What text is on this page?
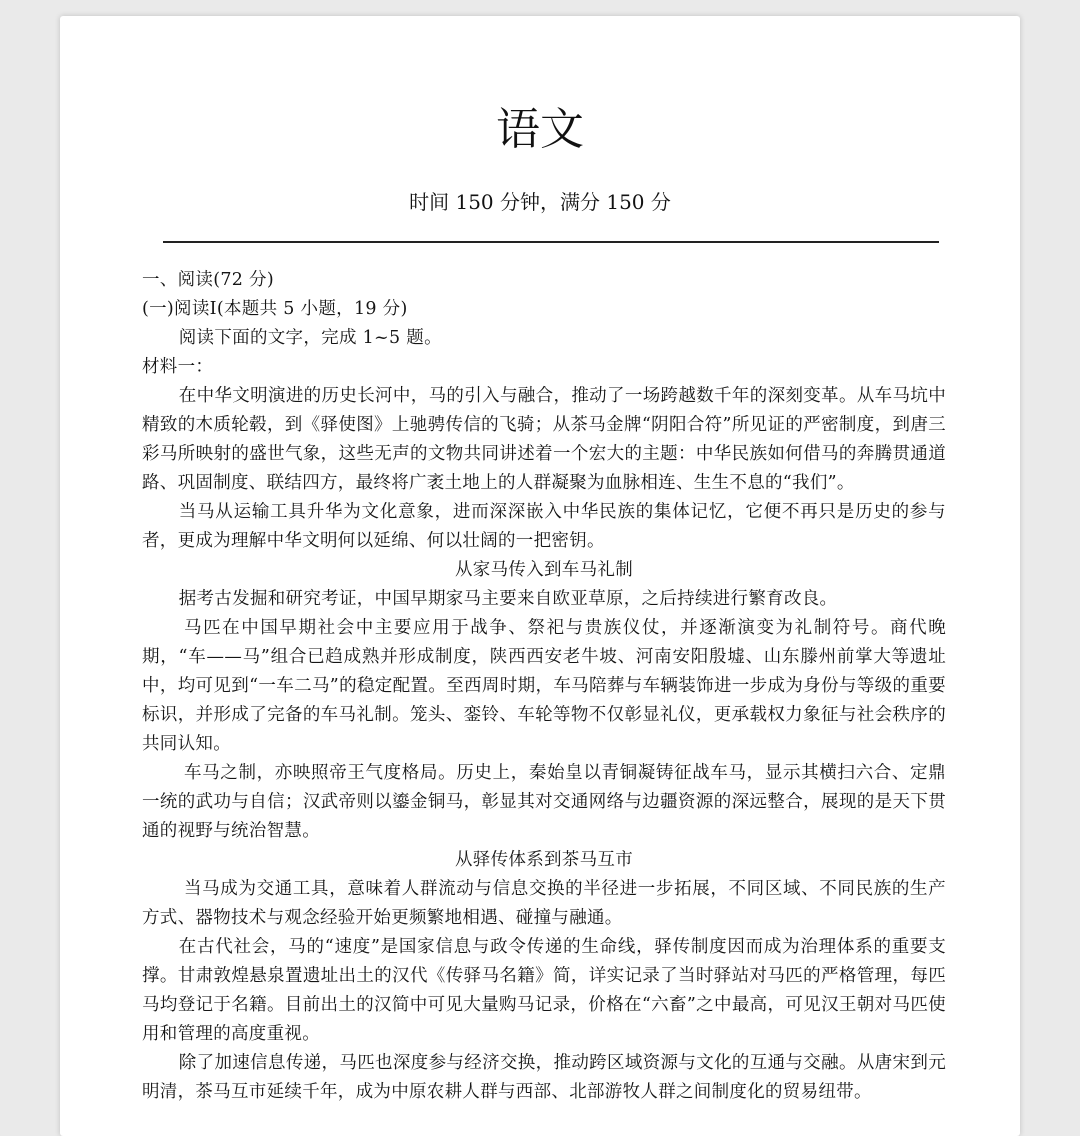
语文
时间 150 分钟，满分 150 分

一、阅读(72 分)

(一)阅读Ⅰ(本题共 5 小题，19 分)

阅读下面的文字，完成 1~5 题。

材料一：

在中华文明演进的历史长河中，马的引入与融合，推动了一场跨越数千年的深刻变革。从车马坑中精致的木质轮毂，到《驿使图》上驰骋传信的飞骑；从茶马金牌“阴阳合符”所见证的严密制度，到唐三彩马所映射的盛世气象，这些无声的文物共同讲述着一个宏大的主题：中华民族如何借马的奔腾贯通道路、巩固制度、联结四方，最终将广袤土地上的人群凝聚为血脉相连、生生不息的“我们”。

当马从运输工具升华为文化意象，进而深深嵌入中华民族的集体记忆，它便不再只是历史的参与者，更成为理解中华文明何以延绵、何以壮阔的一把密钥。

从家马传入到车马礼制

据考古发掘和研究考证，中国早期家马主要来自欧亚草原，之后持续进行繁育改良。

马匹在中国早期社会中主要应用于战争、祭祀与贵族仪仗，并逐渐演变为礼制符号。商代晚期，“车——马”组合已趋成熟并形成制度，陕西西安老牛坡、河南安阳殷墟、山东滕州前掌大等遗址中，均可见到“一车二马”的稳定配置。至西周时期，车马陪葬与车辆装饰进一步成为身份与等级的重要标识，并形成了完备的车马礼制。笼头、銮铃、车轮等物不仅彰显礼仪，更承载权力象征与社会秩序的共同认知。

车马之制，亦映照帝王气度格局。历史上，秦始皇以青铜凝铸征战车马，显示其横扫六合、定鼎一统的武功与自信；汉武帝则以鎏金铜马，彰显其对交通网络与边疆资源的深远整合，展现的是天下贯通的视野与统治智慧。

从驿传体系到茶马互市

当马成为交通工具，意味着人群流动与信息交换的半径进一步拓展，不同区域、不同民族的生产方式、器物技术与观念经验开始更频繁地相遇、碰撞与融通。

在古代社会，马的“速度”是国家信息与政令传递的生命线，驿传制度因而成为治理体系的重要支撑。甘肃敦煌悬泉置遗址出土的汉代《传驿马名籍》简，详实记录了当时驿站对马匹的严格管理，每匹马均登记于名籍。目前出土的汉简中可见大量购马记录，价格在“六畜”之中最高，可见汉王朝对马匹使用和管理的高度重视。

除了加速信息传递，马匹也深度参与经济交换，推动跨区域资源与文化的互通与交融。从唐宋到元明清，茶马互市延续千年，成为中原农耕人群与西部、北部游牧人群之间制度化的贸易纽带。
